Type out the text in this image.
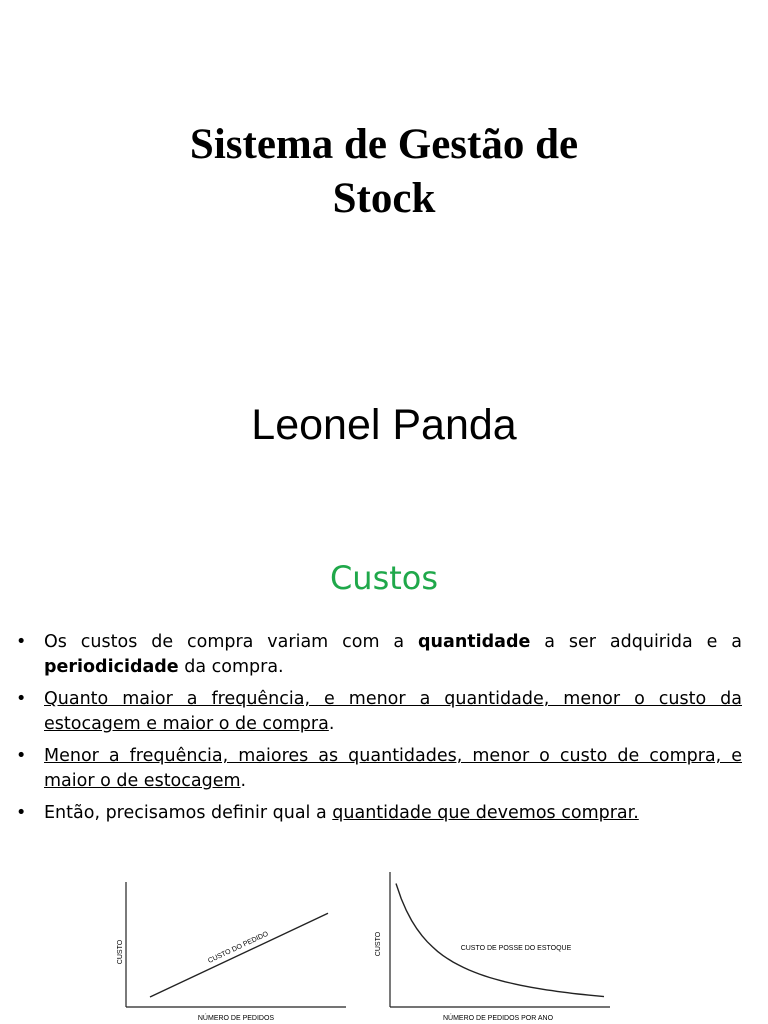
Sistema de Gestão de
Stock
Leonel Panda
Custos
• Os custos de compra variam com a quantidade a ser adquirida e a periodicidade da compra.
• Quanto maior a frequência, e menor a quantidade, menor o custo da estocagem e maior o de compra.
• Menor a frequência, maiores as quantidades, menor o custo de compra, e maior o de estocagem.
• Então, precisamos definir qual a quantidade que devemos comprar.
CUSTO
NÚMERO DE PEDIDOS
CUSTO DO PEDIDO	CUSTO
NÚMERO DE PEDIDOS POR ANO
CUSTO DE POSSE DO ESTOQUE
